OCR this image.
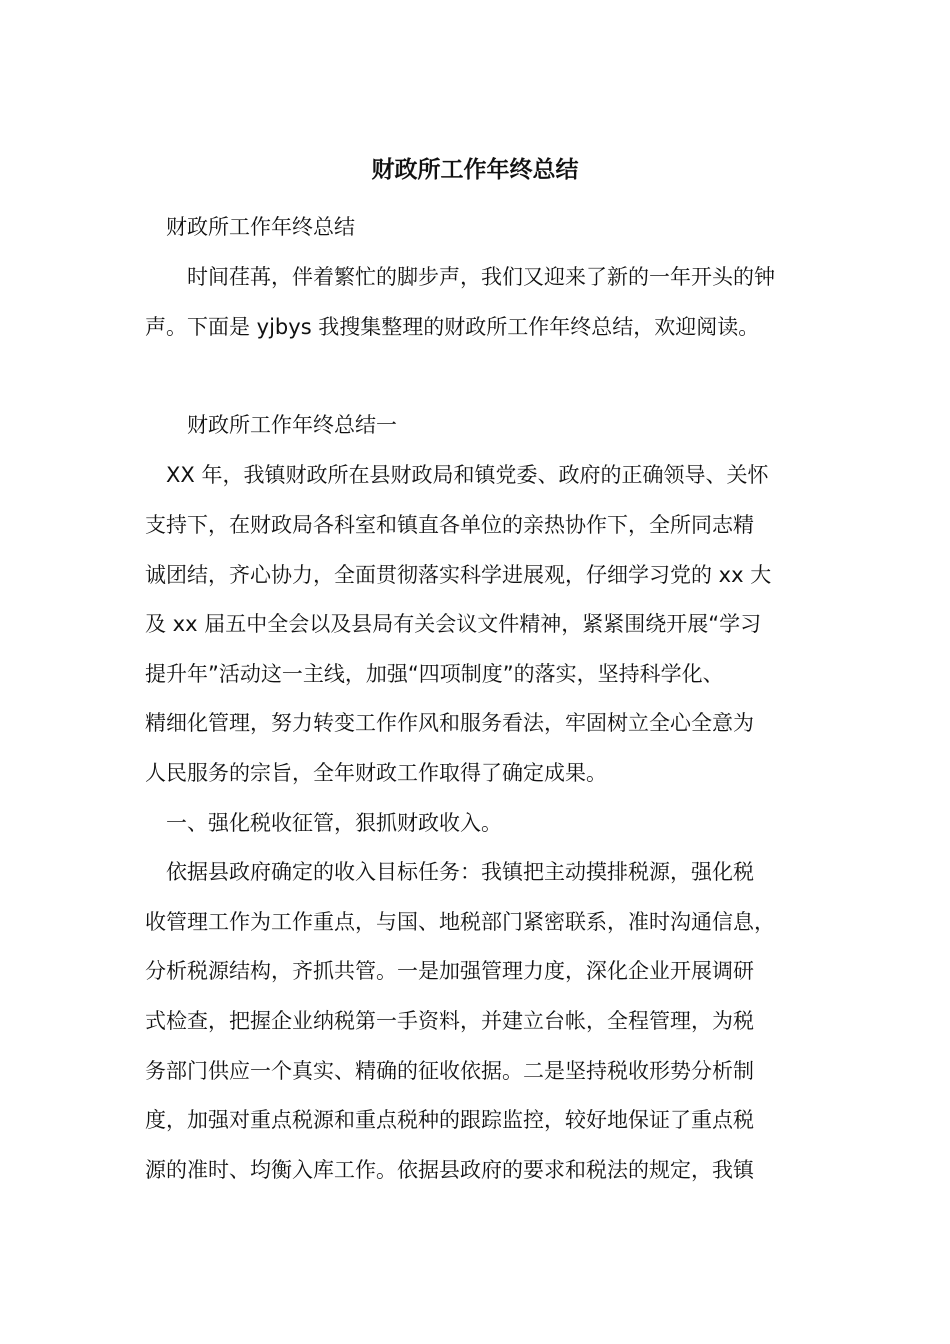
财政所工作年终总结

　财政所工作年终总结

　　时间荏苒，伴着繁忙的脚步声，我们又迎来了新的一年开头的钟

声。下面是 yjbys 我搜集整理的财政所工作年终总结，欢迎阅读。

　　财政所工作年终总结一

　XX 年，我镇财政所在县财政局和镇党委、政府的正确领导、关怀

支持下，在财政局各科室和镇直各单位的亲热协作下，全所同志精

诚团结，齐心协力，全面贯彻落实科学进展观，仔细学习党的 xx 大

及 xx 届五中全会以及县局有关会议文件精神，紧紧围绕开展“学习

提升年”活动这一主线，加强“四项制度”的落实，坚持科学化、

精细化管理，努力转变工作作风和服务看法，牢固树立全心全意为

人民服务的宗旨，全年财政工作取得了确定成果。

　一、强化税收征管，狠抓财政收入。

　依据县政府确定的收入目标任务：我镇把主动摸排税源，强化税

收管理工作为工作重点，与国、地税部门紧密联系，准时沟通信息，

分析税源结构，齐抓共管。一是加强管理力度，深化企业开展调研

式检查，把握企业纳税第一手资料，并建立台帐，全程管理，为税

务部门供应一个真实、精确的征收依据。二是坚持税收形势分析制

度，加强对重点税源和重点税种的跟踪监控，较好地保证了重点税

源的准时、均衡入库工作。依据县政府的要求和税法的规定，我镇
